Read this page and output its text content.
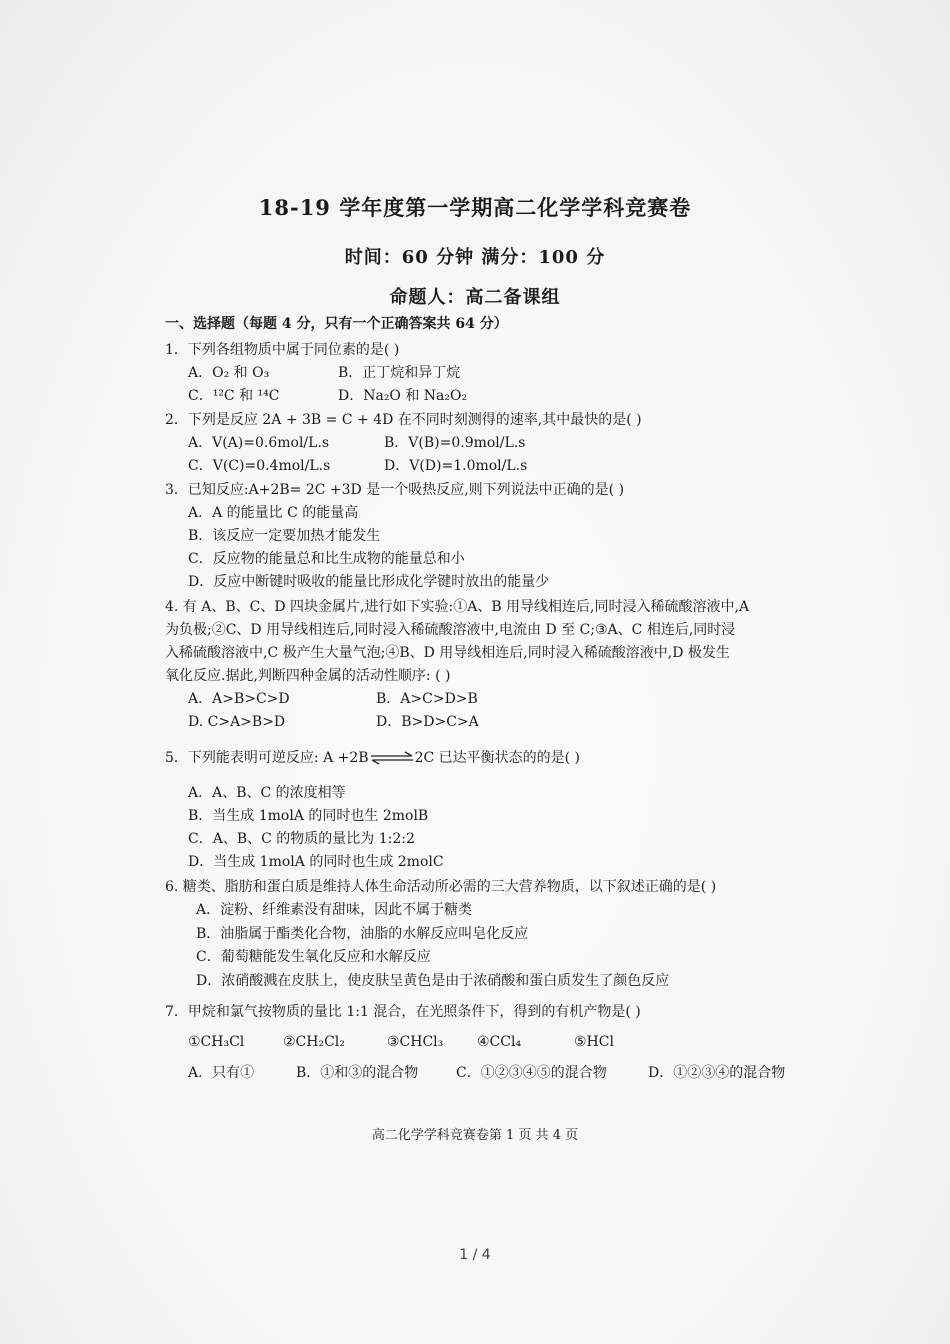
18-19 学年度第一学期高二化学学科竞赛卷
时间：60 分钟 满分：100 分
命题人：高二备课组
一、选择题（每题 4 分，只有一个正确答案共 64 分）
1．下列各组物质中属于同位素的是( )
A．O₂ 和 O₃	B．正丁烷和异丁烷
C．¹²C 和 ¹⁴C	D．Na₂O 和 Na₂O₂
2．下列是反应 2A + 3B = C + 4D 在不同时刻测得的速率,其中最快的是( )
A．V(A)=0.6mol/L.s	B．V(B)=0.9mol/L.s
C．V(C)=0.4mol/L.s	D．V(D)=1.0mol/L.s
3．已知反应:A+2B= 2C +3D 是一个吸热反应,则下列说法中正确的是( )
A．A 的能量比 C 的能量高
B．该反应一定要加热才能发生
C．反应物的能量总和比生成物的能量总和小
D．反应中断键时吸收的能量比形成化学键时放出的能量少
4. 有 A、B、C、D 四块金属片,进行如下实验:①A、B 用导线相连后,同时浸入稀硫酸溶液中,A
为负极;②C、D 用导线相连后,同时浸入稀硫酸溶液中,电流由 D 至 C;③A、C 相连后,同时浸
入稀硫酸溶液中,C 极产生大量气泡;④B、D 用导线相连后,同时浸入稀硫酸溶液中,D 极发生
氧化反应.据此,判断四种金属的活动性顺序: ( )
A．A>B>C>D	B．A>C>D>B
D. C>A>B>D	D．B>D>C>A
5．下列能表明可逆反应: A +2B⇌2C 已达平衡状态的的是( )
A．A、B、C 的浓度相等
B．当生成 1molA 的同时也生 2molB
C．A、B、C 的物质的量比为 1:2:2
D．当生成 1molA 的同时也生成 2molC
6. 糖类、脂肪和蛋白质是维持人体生命活动所必需的三大营养物质，以下叙述正确的是( )
A．淀粉、纤维素没有甜味，因此不属于糖类
B．油脂属于酯类化合物，油脂的水解反应叫皂化反应
C．葡萄糖能发生氧化反应和水解反应
D．浓硝酸溅在皮肤上，使皮肤呈黄色是由于浓硝酸和蛋白质发生了颜色反应
7．甲烷和氯气按物质的量比 1:1 混合，在光照条件下，得到的有机产物是( )
①CH₃Cl	②CH₂Cl₂	③CHCl₃ ④CCl₄	⑤HCl
A．只有①	B．①和③的混合物	C．①②③④⑤的混合物	D．①②③④的混合物
高二化学学科竞赛卷第 1 页 共 4 页
1 / 4
